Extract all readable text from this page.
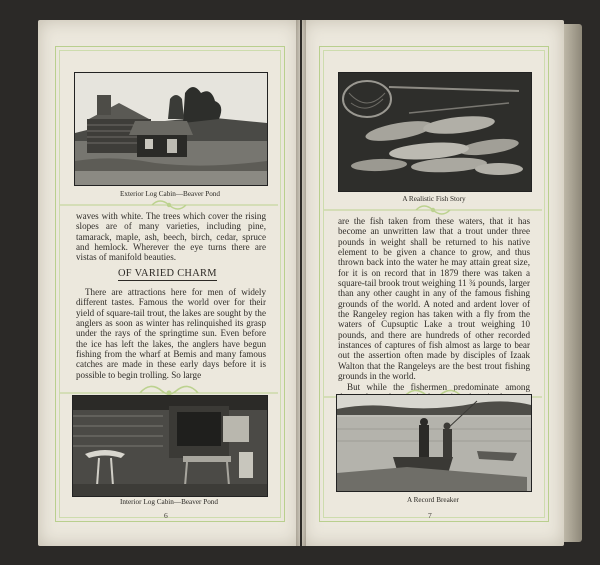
Exterior Log Cabin—Beaver Pond

waves with white. The trees which cover the rising slopes are of many varieties, including pine, tamarack, maple, ash, beech, birch, cedar, spruce and hemlock. Wherever the eye turns there are vistas of manifold beauties.

OF VARIED CHARM

There are attractions here for men of widely different tastes. Famous the world over for their yield of square-tail trout, the lakes are sought by the anglers as soon as winter has relinquished its grasp under the rays of the springtime sun. Even before the ice has left the lakes, the anglers have begun fishing from the wharf at Bemis and many famous catches are made in these early days before it is possible to begin trolling. So large

Interior Log Cabin—Beaver Pond
6
A Realistic Fish Story

are the fish taken from these waters, that it has become an unwritten law that a trout under three pounds in weight shall be returned to his native element to be given a chance to grow, and thus thrown back into the water he may attain great size, for it is on record that in 1879 there was taken a square-tail brook trout weighing 11 ¾ pounds, larger than any other caught in any of the famous fishing grounds of the world. A noted and ardent lover of the Rangeley region has taken with a fly from the waters of Cupsuptic Lake a trout weighing 10 pounds, and there are hundreds of other recorded instances of captures of fish almost as large to bear out the assertion often made by disciples of Izaak Walton that the Rangeleys are the best trout fishing grounds in the world.

But while the fishermen predominate among

A Record Breaker
7
